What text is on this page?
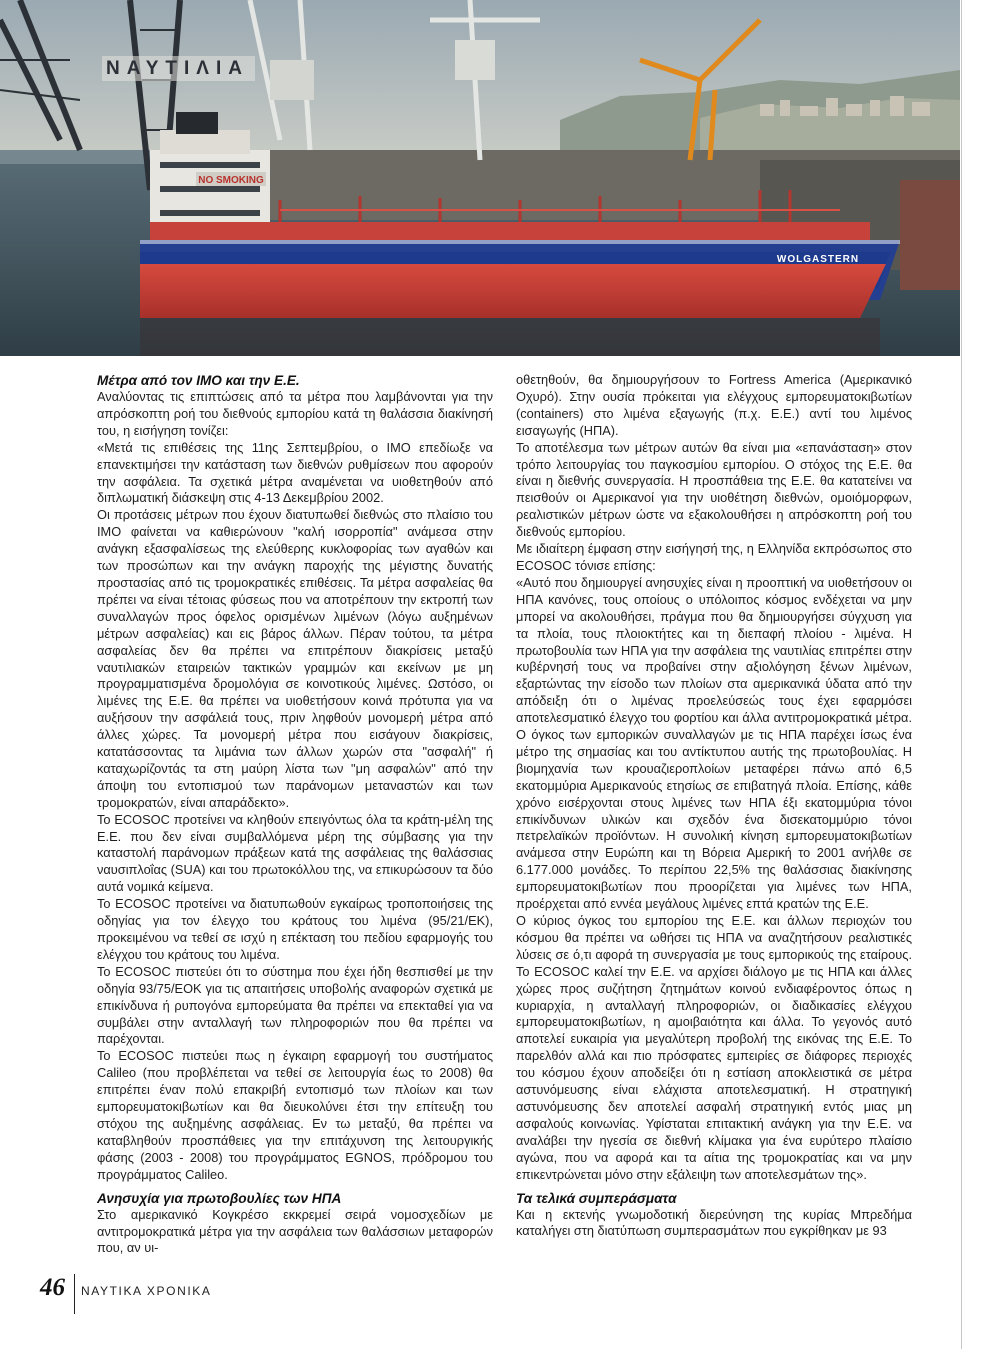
NO SMOKING
WOLGASTERN
ΝΑΥΤΙΛΙΑ
Μέτρα από τον IMO και την Ε.Ε.

Αναλύοντας τις επιπτώσεις από τα μέτρα που λαμβάνονται για την απρόσκοπτη ροή του διεθνούς εμπορίου κατά τη θαλάσσια διακίνησή του, η εισήγηση τονίζει:

«Μετά τις επιθέσεις της 11ης Σεπτεμβρίου, ο ΙΜΟ επεδίωξε να επανεκτιμήσει την κατάσταση των διεθνών ρυθμίσεων που αφορούν την ασφάλεια. Τα σχετικά μέτρα αναμένεται να υιοθετηθούν από διπλωματική διάσκεψη στις 4-13 Δεκεμβρίου 2002.

Οι προτάσεις μέτρων που έχουν διατυπωθεί διεθνώς στο πλαίσιο του IMO φαίνεται να καθιερώνουν "καλή ισορροπία" ανάμεσα στην ανάγκη εξασφαλίσεως της ελεύθερης κυκλοφορίας των αγαθών και των προσώπων και την ανάγκη παροχής της μέγιστης δυνατής προστασίας από τις τρομοκρατικές επιθέσεις. Τα μέτρα ασφαλείας θα πρέπει να είναι τέτοιας φύσεως που να αποτρέπουν την εκτροπή των συναλλαγών προς όφελος ορισμένων λιμένων (λόγω αυξημένων μέτρων ασφαλείας) και εις βάρος άλλων. Πέραν τούτου, τα μέτρα ασφαλείας δεν θα πρέπει να επιτρέπουν διακρίσεις μεταξύ ναυτιλιακών εταιρειών τακτικών γραμμών και εκείνων με μη προγραμματισμένα δρομολόγια σε κοινοτικούς λιμένες. Ωστόσο, οι λιμένες της Ε.Ε. θα πρέπει να υιοθετήσουν κοινά πρότυπα για να αυξήσουν την ασφάλειά τους, πριν ληφθούν μονομερή μέτρα από άλλες χώρες. Τα μονομερή μέτρα που εισάγουν διακρίσεις, κατατάσσοντας τα λιμάνια των άλλων χωρών στα "ασφαλή" ή καταχωρίζοντάς τα στη μαύρη λίστα των "μη ασφαλών" από την άποψη του εντοπισμού των παράνομων μεταναστών και των τρομοκρατών, είναι απαράδεκτο».

Το ECOSOC προτείνει να κληθούν επειγόντως όλα τα κράτη-μέλη της Ε.Ε. που δεν είναι συμβαλλόμενα μέρη της σύμβασης για την καταστολή παράνομων πράξεων κατά της ασφάλειας της θαλάσσιας ναυσιπλοΐας (SUA) και του πρωτοκόλλου της, να επικυρώσουν τα δύο αυτά νομικά κείμενα.

Το ECOSOC προτείνει να διατυπωθούν εγκαίρως τροποποιήσεις της οδηγίας για τον έλεγχο του κράτους του λιμένα (95/21/ΕΚ), προκειμένου να τεθεί σε ισχύ η επέκταση του πεδίου εφαρμογής του ελέγχου του κράτους του λιμένα.

Το ECOSOC πιστεύει ότι το σύστημα που έχει ήδη θεσπισθεί με την οδηγία 93/75/ΕΟΚ για τις απαιτήσεις υποβολής αναφορών σχετικά με επικίνδυνα ή ρυπογόνα εμπορεύματα θα πρέπει να επεκταθεί για να συμβάλει στην ανταλλαγή των πληροφοριών που θα πρέπει να παρέχονται.

Το ECOSOC πιστεύει πως η έγκαιρη εφαρμογή του συστήματος Calileo (που προβλέπεται να τεθεί σε λειτουργία έως το 2008) θα επιτρέπει έναν πολύ επακριβή εντοπισμό των πλοίων και των εμπορευματοκιβωτίων και θα διευκολύνει έτσι την επίτευξη του στόχου της αυξημένης ασφάλειας. Εν τω μεταξύ, θα πρέπει να καταβληθούν προσπάθειες για την επιτάχυνση της λειτουργικής φάσης (2003 - 2008) του προγράμματος EGNOS, πρόδρομου του προγράμματος Calileo.

Ανησυχία για πρωτοβουλίες των ΗΠΑ

Στο αμερικανικό Κογκρέσο εκκρεμεί σειρά νομοσχεδίων με αντιτρομοκρατικά μέτρα για την ασφάλεια των θαλάσσιων μεταφορών που, αν υι-

οθετηθούν, θα δημιουργήσουν το Fortress America (Αμερικανικό Οχυρό). Στην ουσία πρόκειται για ελέγχους εμπορευματοκιβωτίων (containers) στο λιμένα εξαγωγής (π.χ. Ε.Ε.) αντί του λιμένος εισαγωγής (ΗΠΑ).

Το αποτέλεσμα των μέτρων αυτών θα είναι μια «επανάσταση» στον τρόπο λειτουργίας του παγκοσμίου εμπορίου. Ο στόχος της Ε.Ε. θα είναι η διεθνής συνεργασία. Η προσπάθεια της Ε.Ε. θα κατατείνει να πεισθούν οι Αμερικανοί για την υιοθέτηση διεθνών, ομοιόμορφων, ρεαλιστικών μέτρων ώστε να εξακολουθήσει η απρόσκοπτη ροή του διεθνούς εμπορίου.

Με ιδιαίτερη έμφαση στην εισήγησή της, η Ελληνίδα εκπρόσωπος στο ECOSOC τόνισε επίσης:

«Αυτό που δημιουργεί ανησυχίες είναι η προοπτική να υιοθετήσουν οι ΗΠΑ κανόνες, τους οποίους ο υπόλοιπος κόσμος ενδέχεται να μην μπορεί να ακολουθήσει, πράγμα που θα δημιουργήσει σύγχυση για τα πλοία, τους πλοιοκτήτες και τη διεπαφή πλοίου - λιμένα. Η πρωτοβουλία των ΗΠΑ για την ασφάλεια της ναυτιλίας επιτρέπει στην κυβέρνησή τους να προβαίνει στην αξιολόγηση ξένων λιμένων, εξαρτώντας την είσοδο των πλοίων στα αμερικανικά ύδατα από την απόδειξη ότι ο λιμένας προελεύσεώς τους έχει εφαρμόσει αποτελεσματικό έλεγχο του φορτίου και άλλα αντιτρομοκρατικά μέτρα. Ο όγκος των εμπορικών συναλλαγών με τις ΗΠΑ παρέχει ίσως ένα μέτρο της σημασίας και του αντίκτυπου αυτής της πρωτοβουλίας. Η βιομηχανία των κρουαζιεροπλοίων μεταφέρει πάνω από 6,5 εκατομμύρια Αμερικανούς ετησίως σε επιβατηγά πλοία. Επίσης, κάθε χρόνο εισέρχονται στους λιμένες των ΗΠΑ έξι εκατομμύρια τόνοι επικίνδυνων υλικών και σχεδόν ένα δισεκατομμύριο τόνοι πετρελαϊκών προϊόντων. Η συνολική κίνηση εμπορευματοκιβωτίων ανάμεσα στην Ευρώπη και τη Βόρεια Αμερική το 2001 ανήλθε σε 6.177.000 μονάδες. Το περίπου 22,5% της θαλάσσιας διακίνησης εμπορευματοκιβωτίων που προορίζεται για λιμένες των ΗΠΑ, προέρχεται από εννέα μεγάλους λιμένες επτά κρατών της Ε.Ε.

Ο κύριος όγκος του εμπορίου της Ε.Ε. και άλλων περιοχών του κόσμου θα πρέπει να ωθήσει τις ΗΠΑ να αναζητήσουν ρεαλιστικές λύσεις σε ό,τι αφορά τη συνεργασία με τους εμπορικούς της εταίρους. Το ECOSOC καλεί την Ε.Ε. να αρχίσει διάλογο με τις ΗΠΑ και άλλες χώρες προς συζήτηση ζητημάτων κοινού ενδιαφέροντος όπως η κυριαρχία, η ανταλλαγή πληροφοριών, οι διαδικασίες ελέγχου εμπορευματοκιβωτίων, η αμοιβαιότητα και άλλα. Το γεγονός αυτό αποτελεί ευκαιρία για μεγαλύτερη προβολή της εικόνας της Ε.Ε. Το παρελθόν αλλά και πιο πρόσφατες εμπειρίες σε διάφορες περιοχές του κόσμου έχουν αποδείξει ότι η εστίαση αποκλειστικά σε μέτρα αστυνόμευσης είναι ελάχιστα αποτελεσματική. Η στρατηγική αστυνόμευσης δεν αποτελεί ασφαλή στρατηγική εντός μιας μη ασφαλούς κοινωνίας. Υφίσταται επιτακτική ανάγκη για την Ε.Ε. να αναλάβει την ηγεσία σε διεθνή κλίμακα για ένα ευρύτερο πλαίσιο αγώνα, που να αφορά και τα αίτια της τρομοκρατίας και να μην επικεντρώνεται μόνο στην εξάλειψη των αποτελεσμάτων της».

Τα τελικά συμπεράσματα

Και η εκτενής γνωμοδοτική διερεύνηση της κυρίας Μπρεδήμα καταλήγει στη διατύπωση συμπερασμάτων που εγκρίθηκαν με 93

46 ΝΑΥΤΙΚΑ ΧΡΟΝΙΚΑ
